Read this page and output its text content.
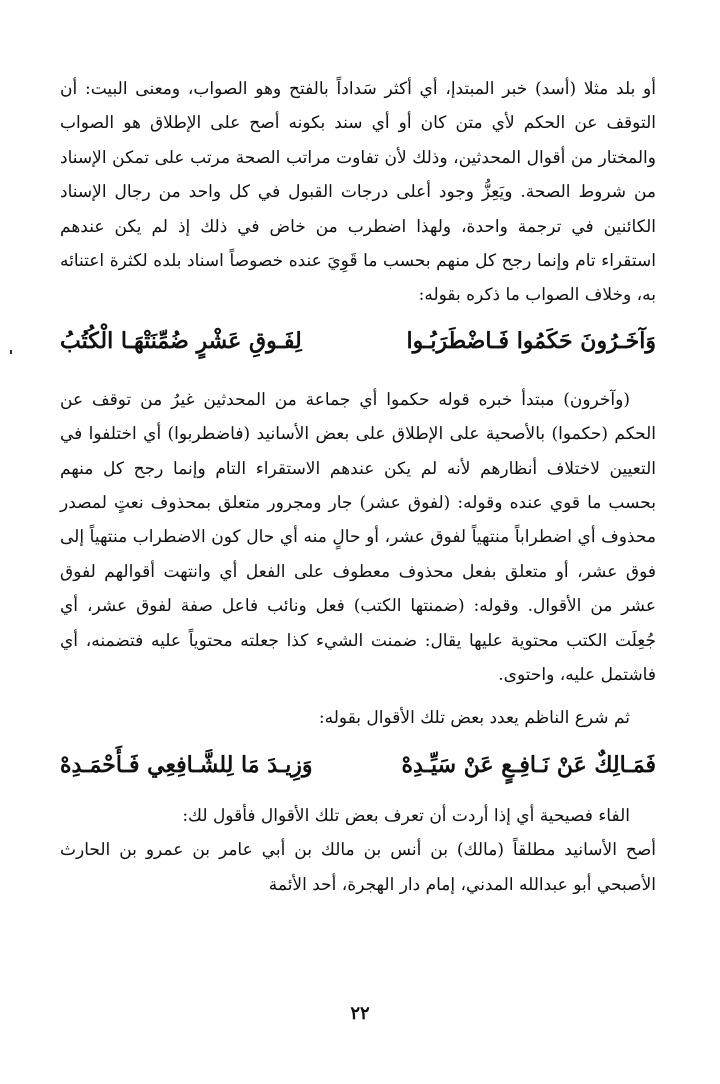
أو بلد مثلا (أسد) خبر المبتدإ، أي أكثر سَداداً بالفتح وهو الصواب، ومعنى البيت: أن التوقف عن الحكم لأي متن كان أو أي سند بكونه أصح على الإطلاق هو الصواب والمختار من أقوال المحدثين، وذلك لأن تفاوت مراتب الصحة مرتب على تمكن الإسناد من شروط الصحة. ويَعِزُّ وجود أعلى درجات القبول في كل واحد من رجال الإسناد الكائنين في ترجمة واحدة، ولهذا اضطرب من خاض في ذلك إذ لم يكن عندهم استقراء تام وإنما رجح كل منهم بحسب ما قَوِيَ عنده خصوصاً اسناد بلده لكثرة اعتنائه به، وخلاف الصواب ما ذكره بقوله:

وَآخَـرُونَ حَكَمُوا فَـاضْطَرَبُـوا
لِفَـوقِ عَشْرٍ ضُمِّنَتْهَـا الْكُتُبُ

(وآخرون) مبتدأ خبره قوله حكموا أي جماعة من المحدثين غيرُ من توقف عن الحكم (حكموا) بالأصحية على الإطلاق على بعض الأسانيد (فاضطربوا) أي اختلفوا في التعيين لاختلاف أنظارهم لأنه لم يكن عندهم الاستقراء التام وإنما رجح كل منهم بحسب ما قوي عنده وقوله: (لفوق عشر) جار ومجرور متعلق بمحذوف نعتٍ لمصدر محذوف أي اضطراباً منتهياً لفوق عشر، أو حالٍ منه أي حال كون الاضطراب منتهياً إلى فوق عشر، أو متعلق بفعل محذوف معطوف على الفعل أي وانتهت أقوالهم لفوق عشر من الأقوال. وقوله: (ضمنتها الكتب) فعل ونائب فاعل صفة لفوق عشر، أي جُعِلَت الكتب محتوية عليها يقال: ضمنت الشيء كذا جعلته محتوياً عليه فتضمنه، أي فاشتمل عليه، واحتوى.

ثم شرع الناظم يعدد بعض تلك الأقوال بقوله:

فَمَـالِكٌ عَنْ نَـافِـعٍ عَنْ سَيِّـدِهْ
وَزِيـدَ مَا لِلشَّـافِعِي فَـأَحْمَـدِهْ

الفاء فصيحية أي إذا أردت أن تعرف بعض تلك الأقوال فأقول لك:

أصح الأسانيد مطلقاً (مالك) بن أنس بن مالك بن أبي عامر بن عمرو بن الحارث الأصبحي أبو عبدالله المدني، إمام دار الهجرة، أحد الأئمة

٢٢
